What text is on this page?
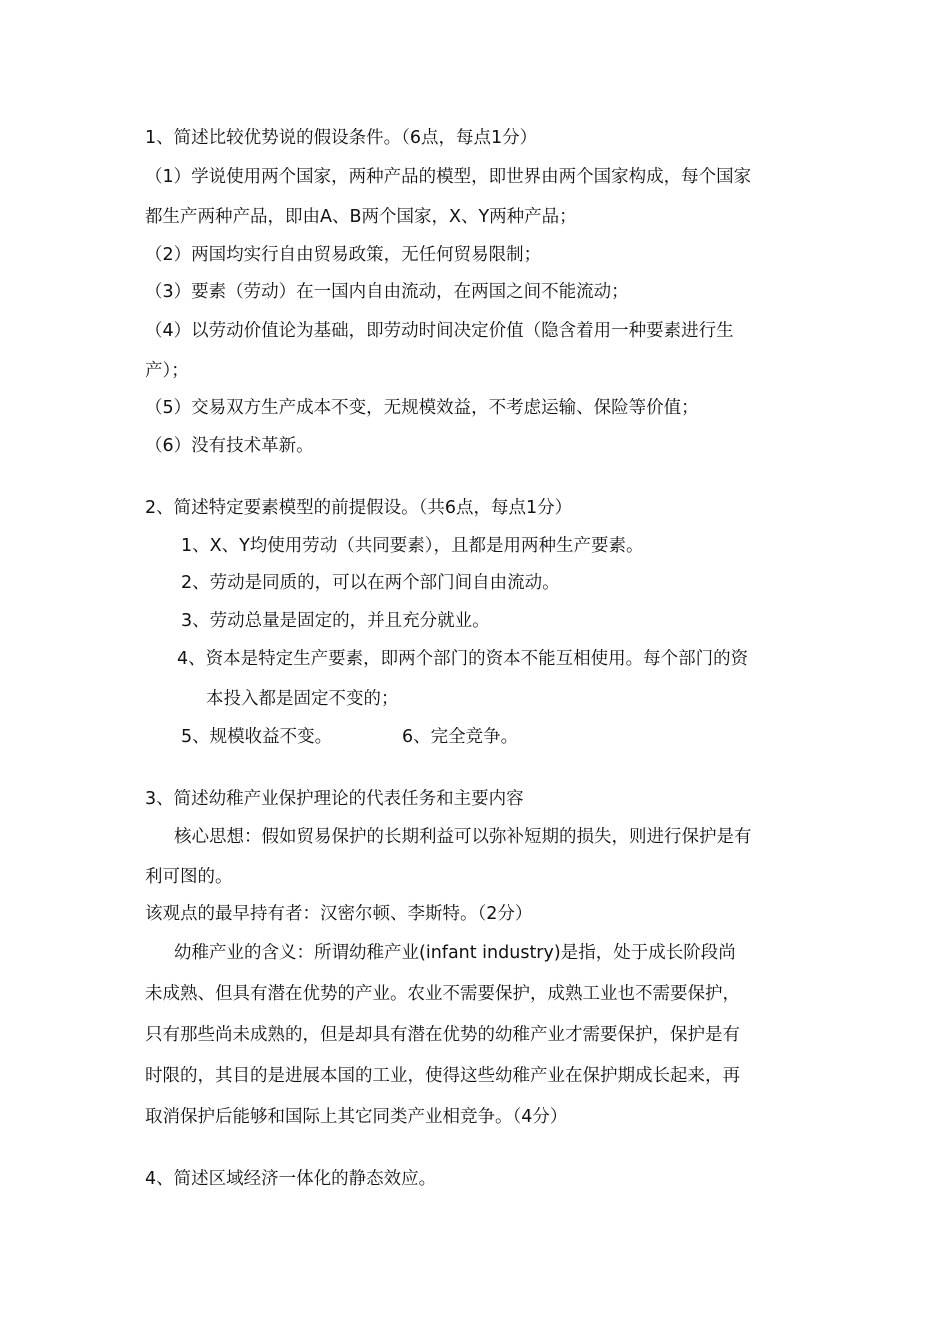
1、简述比较优势说的假设条件。（6点，每点1分）
（1）学说使用两个国家，两种产品的模型，即世界由两个国家构成，每个国家
都生产两种产品，即由A、B两个国家，X、Y两种产品；
（2）两国均实行自由贸易政策，无任何贸易限制；
（3）要素（劳动）在一国内自由流动，在两国之间不能流动；
（4）以劳动价值论为基础，即劳动时间决定价值（隐含着用一种要素进行生
产）；
（5）交易双方生产成本不变，无规模效益，不考虑运输、保险等价值；
（6）没有技术革新。
2、简述特定要素模型的前提假设。（共6点，每点1分）
1、X、Y均使用劳动（共同要素），且都是用两种生产要素。
2、劳动是同质的，可以在两个部门间自由流动。
3、劳动总量是固定的，并且充分就业。
4、资本是特定生产要素，即两个部门的资本不能互相使用。每个部门的资
本投入都是固定不变的；
5、规模收益不变。	6、完全竞争。
3、简述幼稚产业保护理论的代表任务和主要内容
核心思想：假如贸易保护的长期利益可以弥补短期的损失，则进行保护是有
利可图的。
该观点的最早持有者：汉密尔顿、李斯特。（2分）
幼稚产业的含义：所谓幼稚产业(infant industry)是指，处于成长阶段尚
未成熟、但具有潜在优势的产业。农业不需要保护，成熟工业也不需要保护，
只有那些尚未成熟的，但是却具有潜在优势的幼稚产业才需要保护，保护是有
时限的，其目的是进展本国的工业，使得这些幼稚产业在保护期成长起来，再
取消保护后能够和国际上其它同类产业相竞争。（4分）
4、简述区域经济一体化的静态效应。
